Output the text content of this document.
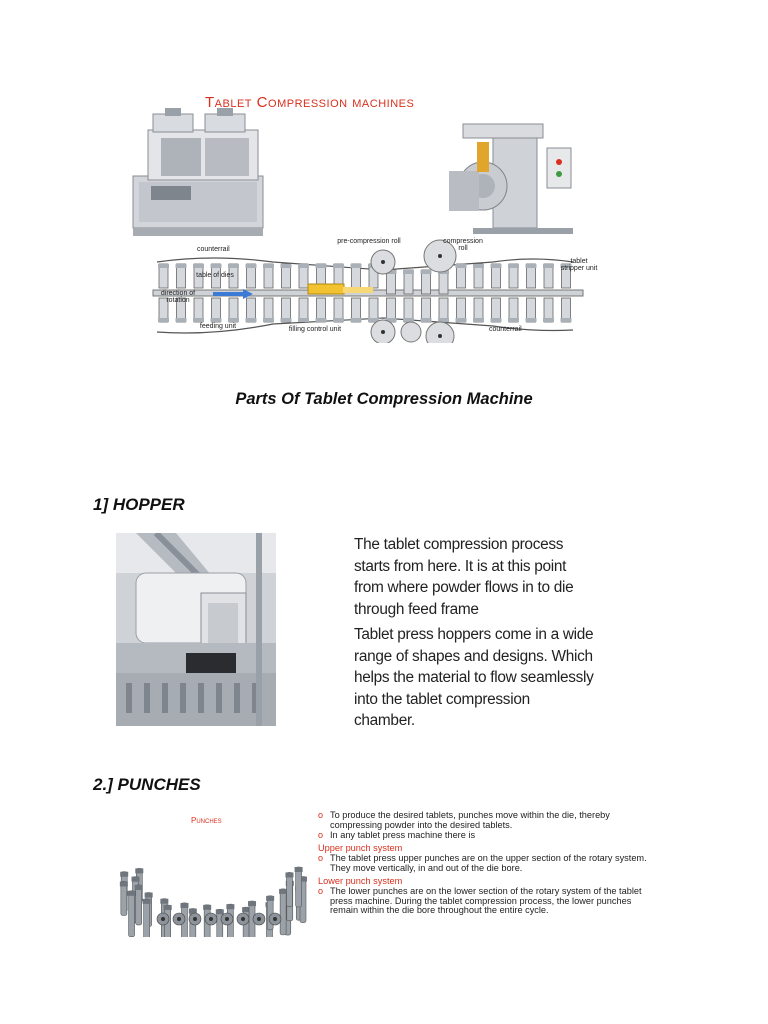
Tablet Compression machines
counterrail
pre-compression roll	compression roll
table of dies
tablet stripper unit
direction of rotation
feeding unit	filling control unit	counterrail
Parts Of Tablet Compression Machine
1] HOPPER

The tablet compression process starts from here. It is at this point from where powder flows in to die through feed frame

Tablet press hoppers come in a wide range of shapes and designs. Which helps the material to flow seamlessly into the tablet compression chamber.

2.] PUNCHES
Punches
o To produce the desired tablets, punches move within the die, thereby compressing powder into the desired tablets.
o In any tablet press machine there is
Upper punch system
o The tablet press upper punches are on the upper section of the rotary system. They move vertically, in and out of the die bore.
Lower punch system
o The lower punches are on the lower section of the rotary system of the tablet press machine. During the tablet compression process, the lower punches remain within the die bore throughout the entire cycle.
